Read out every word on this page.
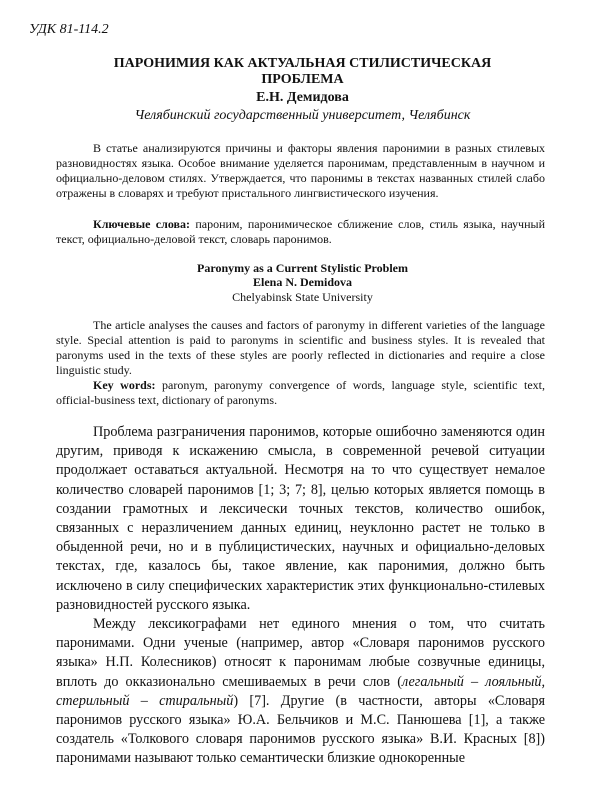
УДК 81-114.2
ПАРОНИМИЯ КАК АКТУАЛЬНАЯ СТИЛИСТИЧЕСКАЯ
ПРОБЛЕМА
Е.Н. Демидова
Челябинский государственный университет, Челябинск

В статье анализируются причины и факторы явления паронимии в разных стилевых разновидностях языка. Особое внимание уделяется паронимам, представленным в научном и официально-деловом стилях. Утверждается, что паронимы в текстах названных стилей слабо отражены в словарях и требуют пристального лингвистического изучения.

Ключевые слова: пароним, паронимическое сближение слов, стиль языка, научный текст, официально-деловой текст, словарь паронимов.

Paronymy as a Current Stylistic Problem
Elena N. Demidova
Chelyabinsk State University

The article analyses the causes and factors of paronymy in different varieties of the language style. Special attention is paid to paronyms in scientific and business styles. It is revealed that paronyms used in the texts of these styles are poorly reflected in dictionaries and require a close linguistic study.

Key words: paronym, paronymy convergence of words, language style, scientific text, official-business text, dictionary of paronyms.

Проблема разграничения паронимов, которые ошибочно заменяются один другим, приводя к искажению смысла, в современной речевой ситуации продолжает оставаться актуальной. Несмотря на то что существует немалое количество словарей паронимов [1; 3; 7; 8], целью которых является помощь в создании грамотных и лексически точных текстов, количество ошибок, связанных с неразличением данных единиц, неуклонно растет не только в обыденной речи, но и в публицистических, научных и официально-деловых текстах, где, казалось бы, такое явление, как паронимия, должно быть исключено в силу специфических характеристик этих функционально-стилевых разновидностей русского языка.

Между лексикографами нет единого мнения о том, что считать паронимами. Одни ученые (например, автор «Словаря паронимов русского языка» Н.П. Колесников) относят к паронимам любые созвучные единицы, вплоть до окказионально смешиваемых в речи слов (легальный – лояльный, стерильный – стиральный) [7]. Другие (в частности, авторы «Словаря паронимов русского языка» Ю.А. Бельчиков и М.С. Панюшева [1], а также создатель «Толкового словаря паронимов русского языка» В.И. Красных [8]) паронимами называют только семантически близкие однокоренные
